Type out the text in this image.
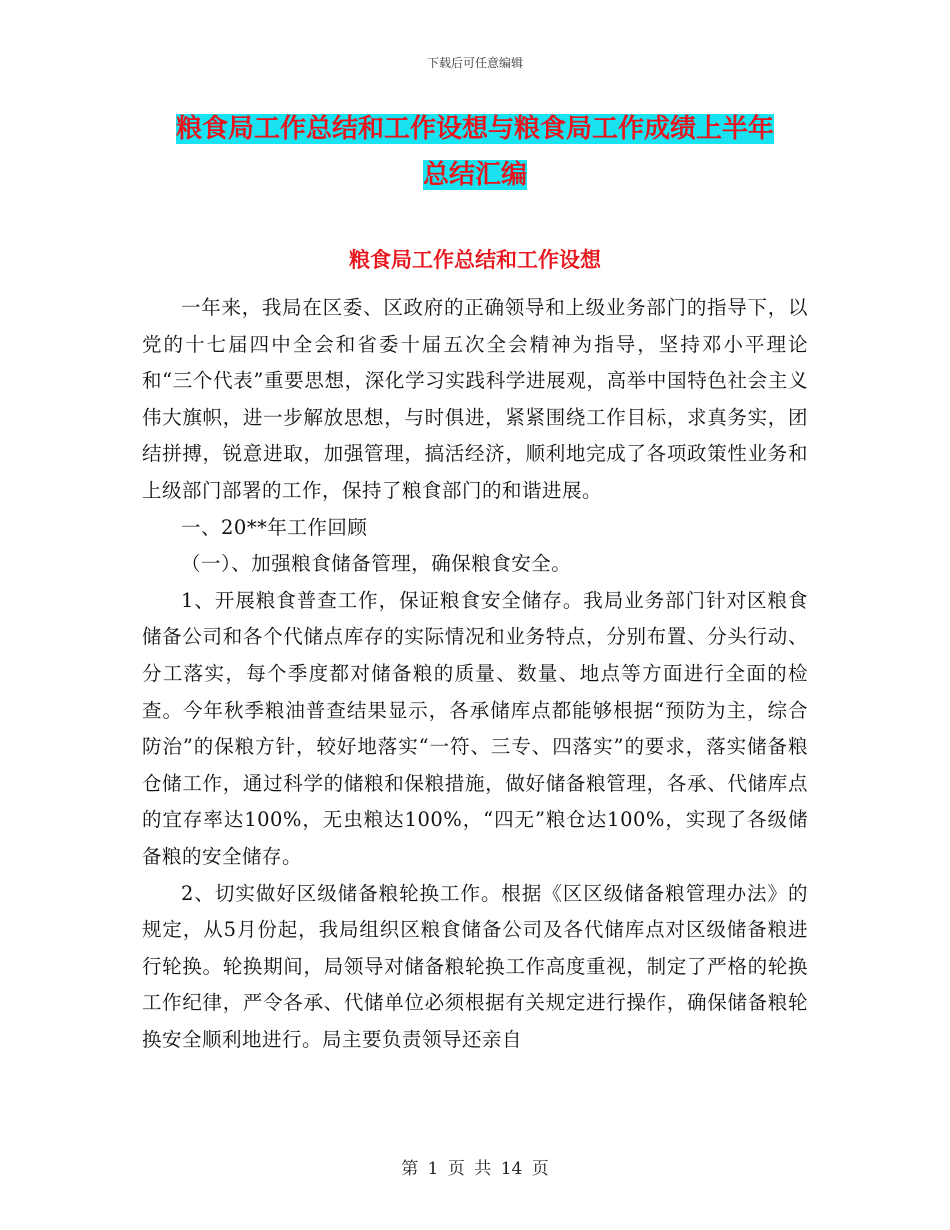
下载后可任意编辑
粮食局工作总结和工作设想与粮食局工作成绩上半年
总结汇编
粮食局工作总结和工作设想

一年来，我局在区委、区政府的正确领导和上级业务部门的指导下，以党的十七届四中全会和省委十届五次全会精神为指导，坚持邓小平理论和“三个代表”重要思想，深化学习实践科学进展观，高举中国特色社会主义伟大旗帜，进一步解放思想，与时俱进，紧紧围绕工作目标，求真务实，团结拼搏，锐意进取，加强管理，搞活经济，顺利地完成了各项政策性业务和上级部门部署的工作，保持了粮食部门的和谐进展。

一、20**年工作回顾

（一）、加强粮食储备管理，确保粮食安全。

1、开展粮食普查工作，保证粮食安全储存。我局业务部门针对区粮食储备公司和各个代储点库存的实际情况和业务特点，分别布置、分头行动、分工落实，每个季度都对储备粮的质量、数量、地点等方面进行全面的检查。今年秋季粮油普查结果显示，各承储库点都能够根据“预防为主，综合防治”的保粮方针，较好地落实“一符、三专、四落实”的要求，落实储备粮仓储工作，通过科学的储粮和保粮措施，做好储备粮管理，各承、代储库点的宜存率达100%，无虫粮达100%，“四无”粮仓达100%，实现了各级储备粮的安全储存。

2、切实做好区级储备粮轮换工作。根据《区区级储备粮管理办法》的规定，从5月份起，我局组织区粮食储备公司及各代储库点对区级储备粮进行轮换。轮换期间，局领导对储备粮轮换工作高度重视，制定了严格的轮换工作纪律，严令各承、代储单位必须根据有关规定进行操作，确保储备粮轮换安全顺利地进行。局主要负责领导还亲自

第 1 页 共 14 页
